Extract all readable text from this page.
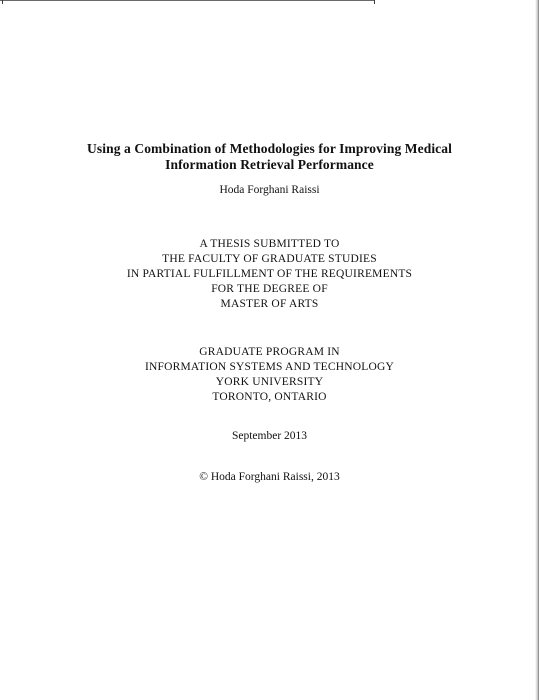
Using a Combination of Methodologies for Improving Medical
Information Retrieval Performance
Hoda Forghani Raissi
A THESIS SUBMITTED TO
THE FACULTY OF GRADUATE STUDIES
IN PARTIAL FULFILLMENT OF THE REQUIREMENTS
FOR THE DEGREE OF
MASTER OF ARTS
GRADUATE PROGRAM IN
INFORMATION SYSTEMS AND TECHNOLOGY
YORK UNIVERSITY
TORONTO, ONTARIO
September 2013
© Hoda Forghani Raissi, 2013
